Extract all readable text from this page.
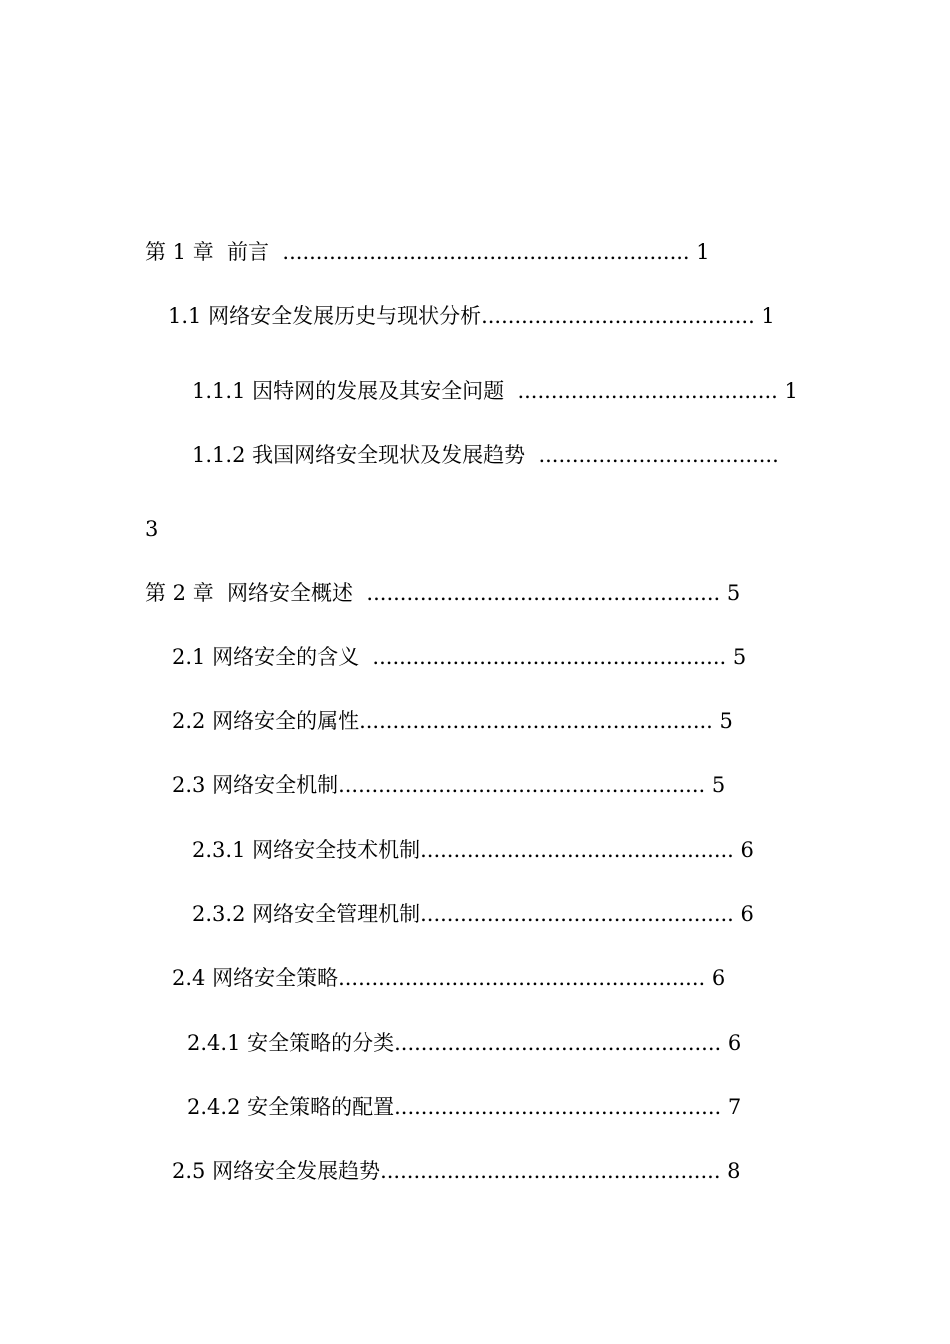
第 1 章  前言  ............................................................. 1
1.1 网络安全发展历史与现状分析......................................... 1
1.1.1 因特网的发展及其安全问题  ....................................... 1
1.1.2 我国网络安全现状及发展趋势  ....................................
3
第 2 章  网络安全概述  ..................................................... 5
2.1 网络安全的含义  ..................................................... 5
2.2 网络安全的属性..................................................... 5
2.3 网络安全机制....................................................... 5
2.3.1 网络安全技术机制............................................... 6
2.3.2 网络安全管理机制............................................... 6
2.4 网络安全策略....................................................... 6
2.4.1 安全策略的分类................................................. 6
2.4.2 安全策略的配置................................................. 7
2.5 网络安全发展趋势................................................... 8
